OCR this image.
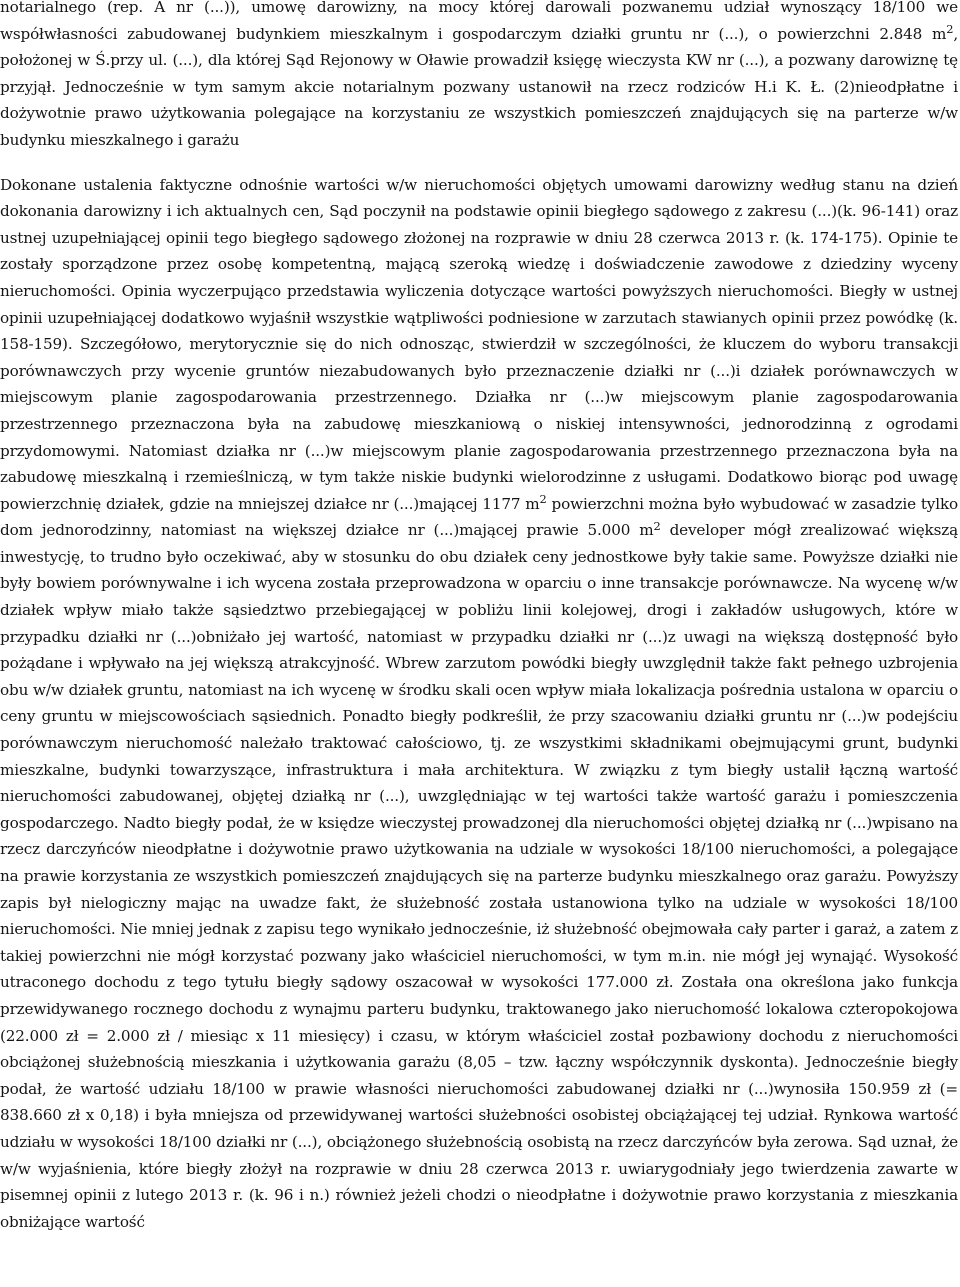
notarialnego (rep. A nr (...)), umowę darowizny, na mocy której darowali pozwanemu udział wynoszący 18/100 we współwłasności zabudowanej budynkiem mieszkalnym i gospodarczym działki gruntu nr (...), o powierzchni 2.848 $m^2$, położonej w Ś.przy ul. (...), dla której Sąd Rejonowy w Oławie prowadził księgę wieczysta KW nr (...), a pozwany darowiznę tę przyjął. Jednocześnie w tym samym akcie notarialnym pozwany ustanowił na rzecz rodziców H.i K. Ł. (2)nieodpłatne i dożywotnie prawo użytkowania polegające na korzystaniu ze wszystkich pomieszczeń znajdujących się na parterze w/w budynku mieszkalnego i garażu

Dokonane ustalenia faktyczne odnośnie wartości w/w nieruchomości objętych umowami darowizny według stanu na dzień dokonania darowizny i ich aktualnych cen, Sąd poczynił na podstawie opinii biegłego sądowego z zakresu (...)(k. 96-141) oraz ustnej uzupełniającej opinii tego biegłego sądowego złożonej na rozprawie w dniu 28 czerwca 2013 r. (k. 174-175). Opinie te zostały sporządzone przez osobę kompetentną, mającą szeroką wiedzę i doświadczenie zawodowe z dziedziny wyceny nieruchomości. Opinia wyczerpująco przedstawia wyliczenia dotyczące wartości powyższych nieruchomości. Biegły w ustnej opinii uzupełniającej dodatkowo wyjaśnił wszystkie wątpliwości podniesione w zarzutach stawianych opinii przez powódkę (k. 158-159). Szczegółowo, merytorycznie się do nich odnosząc, stwierdził w szczególności, że kluczem do wyboru transakcji porównawczych przy wycenie gruntów niezabudowanych było przeznaczenie działki nr (...)i działek porównawczych w miejscowym planie zagospodarowania przestrzennego. Działka nr (...)w miejscowym planie zagospodarowania przestrzennego przeznaczona była na zabudowę mieszkaniową o niskiej intensywności, jednorodzinną z ogrodami przydomowymi. Natomiast działka nr (...)w miejscowym planie zagospodarowania przestrzennego przeznaczona była na zabudowę mieszkalną i rzemieślniczą, w tym także niskie budynki wielorodzinne z usługami. Dodatkowo biorąc pod uwagę powierzchnię działek, gdzie na mniejszej działce nr (...)mającej 1177 $m^2$ powierzchni można było wybudować w zasadzie tylko dom jednorodzinny, natomiast na większej działce nr (...)mającej prawie 5.000 $m^2$ developer mógł zrealizować większą inwestycję, to trudno było oczekiwać, aby w stosunku do obu działek ceny jednostkowe były takie same. Powyższe działki nie były bowiem porównywalne i ich wycena została przeprowadzona w oparciu o inne transakcje porównawcze. Na wycenę w/w działek wpływ miało także sąsiedztwo przebiegającej w pobliżu linii kolejowej, drogi i zakładów usługowych, które w przypadku działki nr (...)obniżało jej wartość, natomiast w przypadku działki nr (...)z uwagi na większą dostępność było pożądane i wpływało na jej większą atrakcyjność. Wbrew zarzutom powódki biegły uwzględnił także fakt pełnego uzbrojenia obu w/w działek gruntu, natomiast na ich wycenę w środku skali ocen wpływ miała lokalizacja pośrednia ustalona w oparciu o ceny gruntu w miejscowościach sąsiednich. Ponadto biegły podkreślił, że przy szacowaniu działki gruntu nr (...)w podejściu porównawczym nieruchomość należało traktować całościowo, tj. ze wszystkimi składnikami obejmującymi grunt, budynki mieszkalne, budynki towarzyszące, infrastruktura i mała architektura. W związku z tym biegły ustalił łączną wartość nieruchomości zabudowanej, objętej działką nr (...), uwzględniając w tej wartości także wartość garażu i pomieszczenia gospodarczego. Nadto biegły podał, że w księdze wieczystej prowadzonej dla nieruchomości objętej działką nr (...)wpisano na rzecz darczyńców nieodpłatne i dożywotnie prawo użytkowania na udziale w wysokości 18/100 nieruchomości, a polegające na prawie korzystania ze wszystkich pomieszczeń znajdujących się na parterze budynku mieszkalnego oraz garażu. Powyższy zapis był nielogiczny mając na uwadze fakt, że służebność została ustanowiona tylko na udziale w wysokości 18/100 nieruchomości. Nie mniej jednak z zapisu tego wynikało jednocześnie, iż służebność obejmowała cały parter i garaż, a zatem z takiej powierzchni nie mógł korzystać pozwany jako właściciel nieruchomości, w tym m.in. nie mógł jej wynająć. Wysokość utraconego dochodu z tego tytułu biegły sądowy oszacował w wysokości 177.000 zł. Została ona określona jako funkcja przewidywanego rocznego dochodu z wynajmu parteru budynku, traktowanego jako nieruchomość lokalowa czteropokojowa (22.000 zł = 2.000 zł / miesiąc x 11 miesięcy) i czasu, w którym właściciel został pozbawiony dochodu z nieruchomości obciążonej służebnością mieszkania i użytkowania garażu (8,05 – tzw. łączny współczynnik dyskonta). Jednocześnie biegły podał, że wartość udziału 18/100 w prawie własności nieruchomości zabudowanej działki nr (...)wynosiła 150.959 zł (= 838.660 zł x 0,18) i była mniejsza od przewidywanej wartości służebności osobistej obciążającej tej udział. Rynkowa wartość udziału w wysokości 18/100 działki nr (...), obciążonego służebnością osobistą na rzecz darczyńców była zerowa. Sąd uznał, że w/w wyjaśnienia, które biegły złożył na rozprawie w dniu 28 czerwca 2013 r. uwiarygodniały jego twierdzenia zawarte w pisemnej opinii z lutego 2013 r. (k. 96 i n.) również jeżeli chodzi o nieodpłatne i dożywotnie prawo korzystania z mieszkania obniżające wartość
